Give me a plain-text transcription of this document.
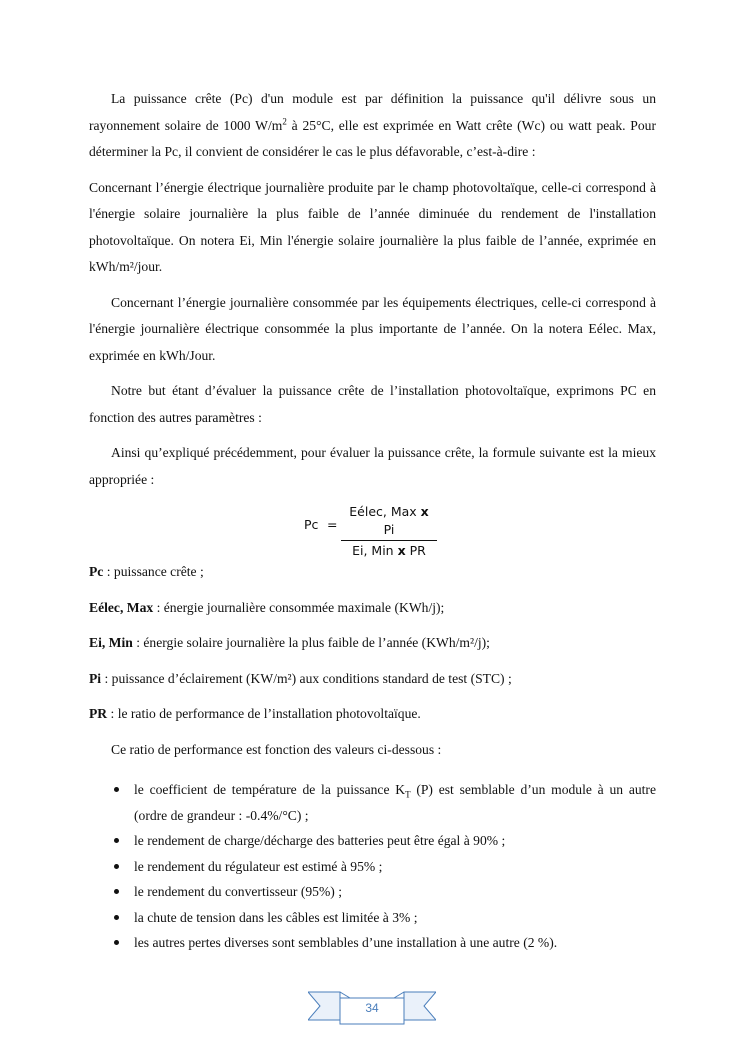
La puissance crête (Pc) d'un module est par définition la puissance qu'il délivre sous un rayonnement solaire de 1000 $W/m^2$ à 25°C, elle est exprimée en Watt crête (Wc) ou watt peak. Pour déterminer la Pc, il convient de considérer le cas le plus défavorable, c’est-à-dire :

Concernant l’énergie électrique journalière produite par le champ photovoltaïque, celle-ci correspond à l'énergie solaire journalière la plus faible de l’année diminuée du rendement de l'installation photovoltaïque. On notera Ei, Min l'énergie solaire journalière la plus faible de l’année, exprimée en kWh/m²/jour.

Concernant l’énergie journalière consommée par les équipements électriques, celle-ci correspond à l'énergie journalière électrique consommée la plus importante de l’année. On la notera Eélec. Max, exprimée en kWh/Jour.

Notre but étant d’évaluer la puissance crête de l’installation photovoltaïque, exprimons PC en fonction des autres paramètres :

Ainsi qu’expliqué précédemment, pour évaluer la puissance crête, la formule suivante est la mieux appropriée :

Pc =
Eélec, Max x Pi
Ei, Min x PR

Pc : puissance crête ;

Eélec, Max : énergie journalière consommée maximale (KWh/j);

Ei, Min : énergie solaire journalière la plus faible de l’année (KWh/m²/j);

Pi : puissance d’éclairement (KW/m²) aux conditions standard de test (STC) ;

PR : le ratio de performance de l’installation photovoltaïque.

Ce ratio de performance est fonction des valeurs ci-dessous :

le coefficient de température de la puissance $K_T$ (P) est semblable d’un module à un autre (ordre de grandeur : -0.4%/°C) ;
le rendement de charge/décharge des batteries peut être égal à 90% ;
le rendement du régulateur est estimé à 95% ;
le rendement du convertisseur (95%) ;
la chute de tension dans les câbles est limitée à 3% ;
les autres pertes diverses sont semblables d’une installation à une autre (2 %).
34
